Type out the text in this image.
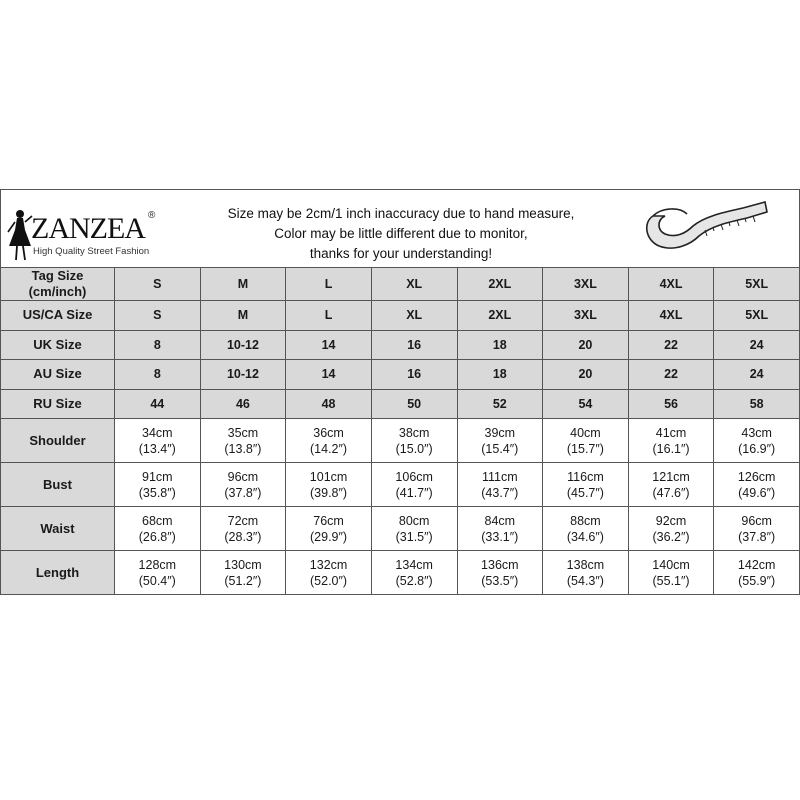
ZANZEA ®
High Quality Street Fashion
Size may be 2cm/1 inch inaccuracy due to hand measure,
Color may be little different due to monitor,
thanks for your understanding!
Tag Size
(cm/inch)	S	M	L	XL	2XL	3XL	4XL	5XL

US/CA Size	S	M	L	XL	2XL	3XL	4XL	5XL

UK Size	8	10-12	14	16	18	20	22	24

AU Size	8	10-12	14	16	18	20	22	24

RU Size	44	46	48	50	52	54	56	58
Shoulder	34cm
(13.4″)	35cm
(13.8″)	36cm
(14.2″)	38cm
(15.0″)	39cm
(15.4″)	40cm
(15.7″)	41cm
(16.1″)	43cm
(16.9″)

Bust	91cm
(35.8″)	96cm
(37.8″)	101cm
(39.8″)	106cm
(41.7″)	111cm
(43.7″)	116cm
(45.7″)	121cm
(47.6″)	126cm
(49.6″)

Waist	68cm
(26.8″)	72cm
(28.3″)	76cm
(29.9″)	80cm
(31.5″)	84cm
(33.1″)	88cm
(34.6″)	92cm
(36.2″)	96cm
(37.8″)

Length	128cm
(50.4″)	130cm
(51.2″)	132cm
(52.0″)	134cm
(52.8″)	136cm
(53.5″)	138cm
(54.3″)	140cm
(55.1″)	142cm
(55.9″)
